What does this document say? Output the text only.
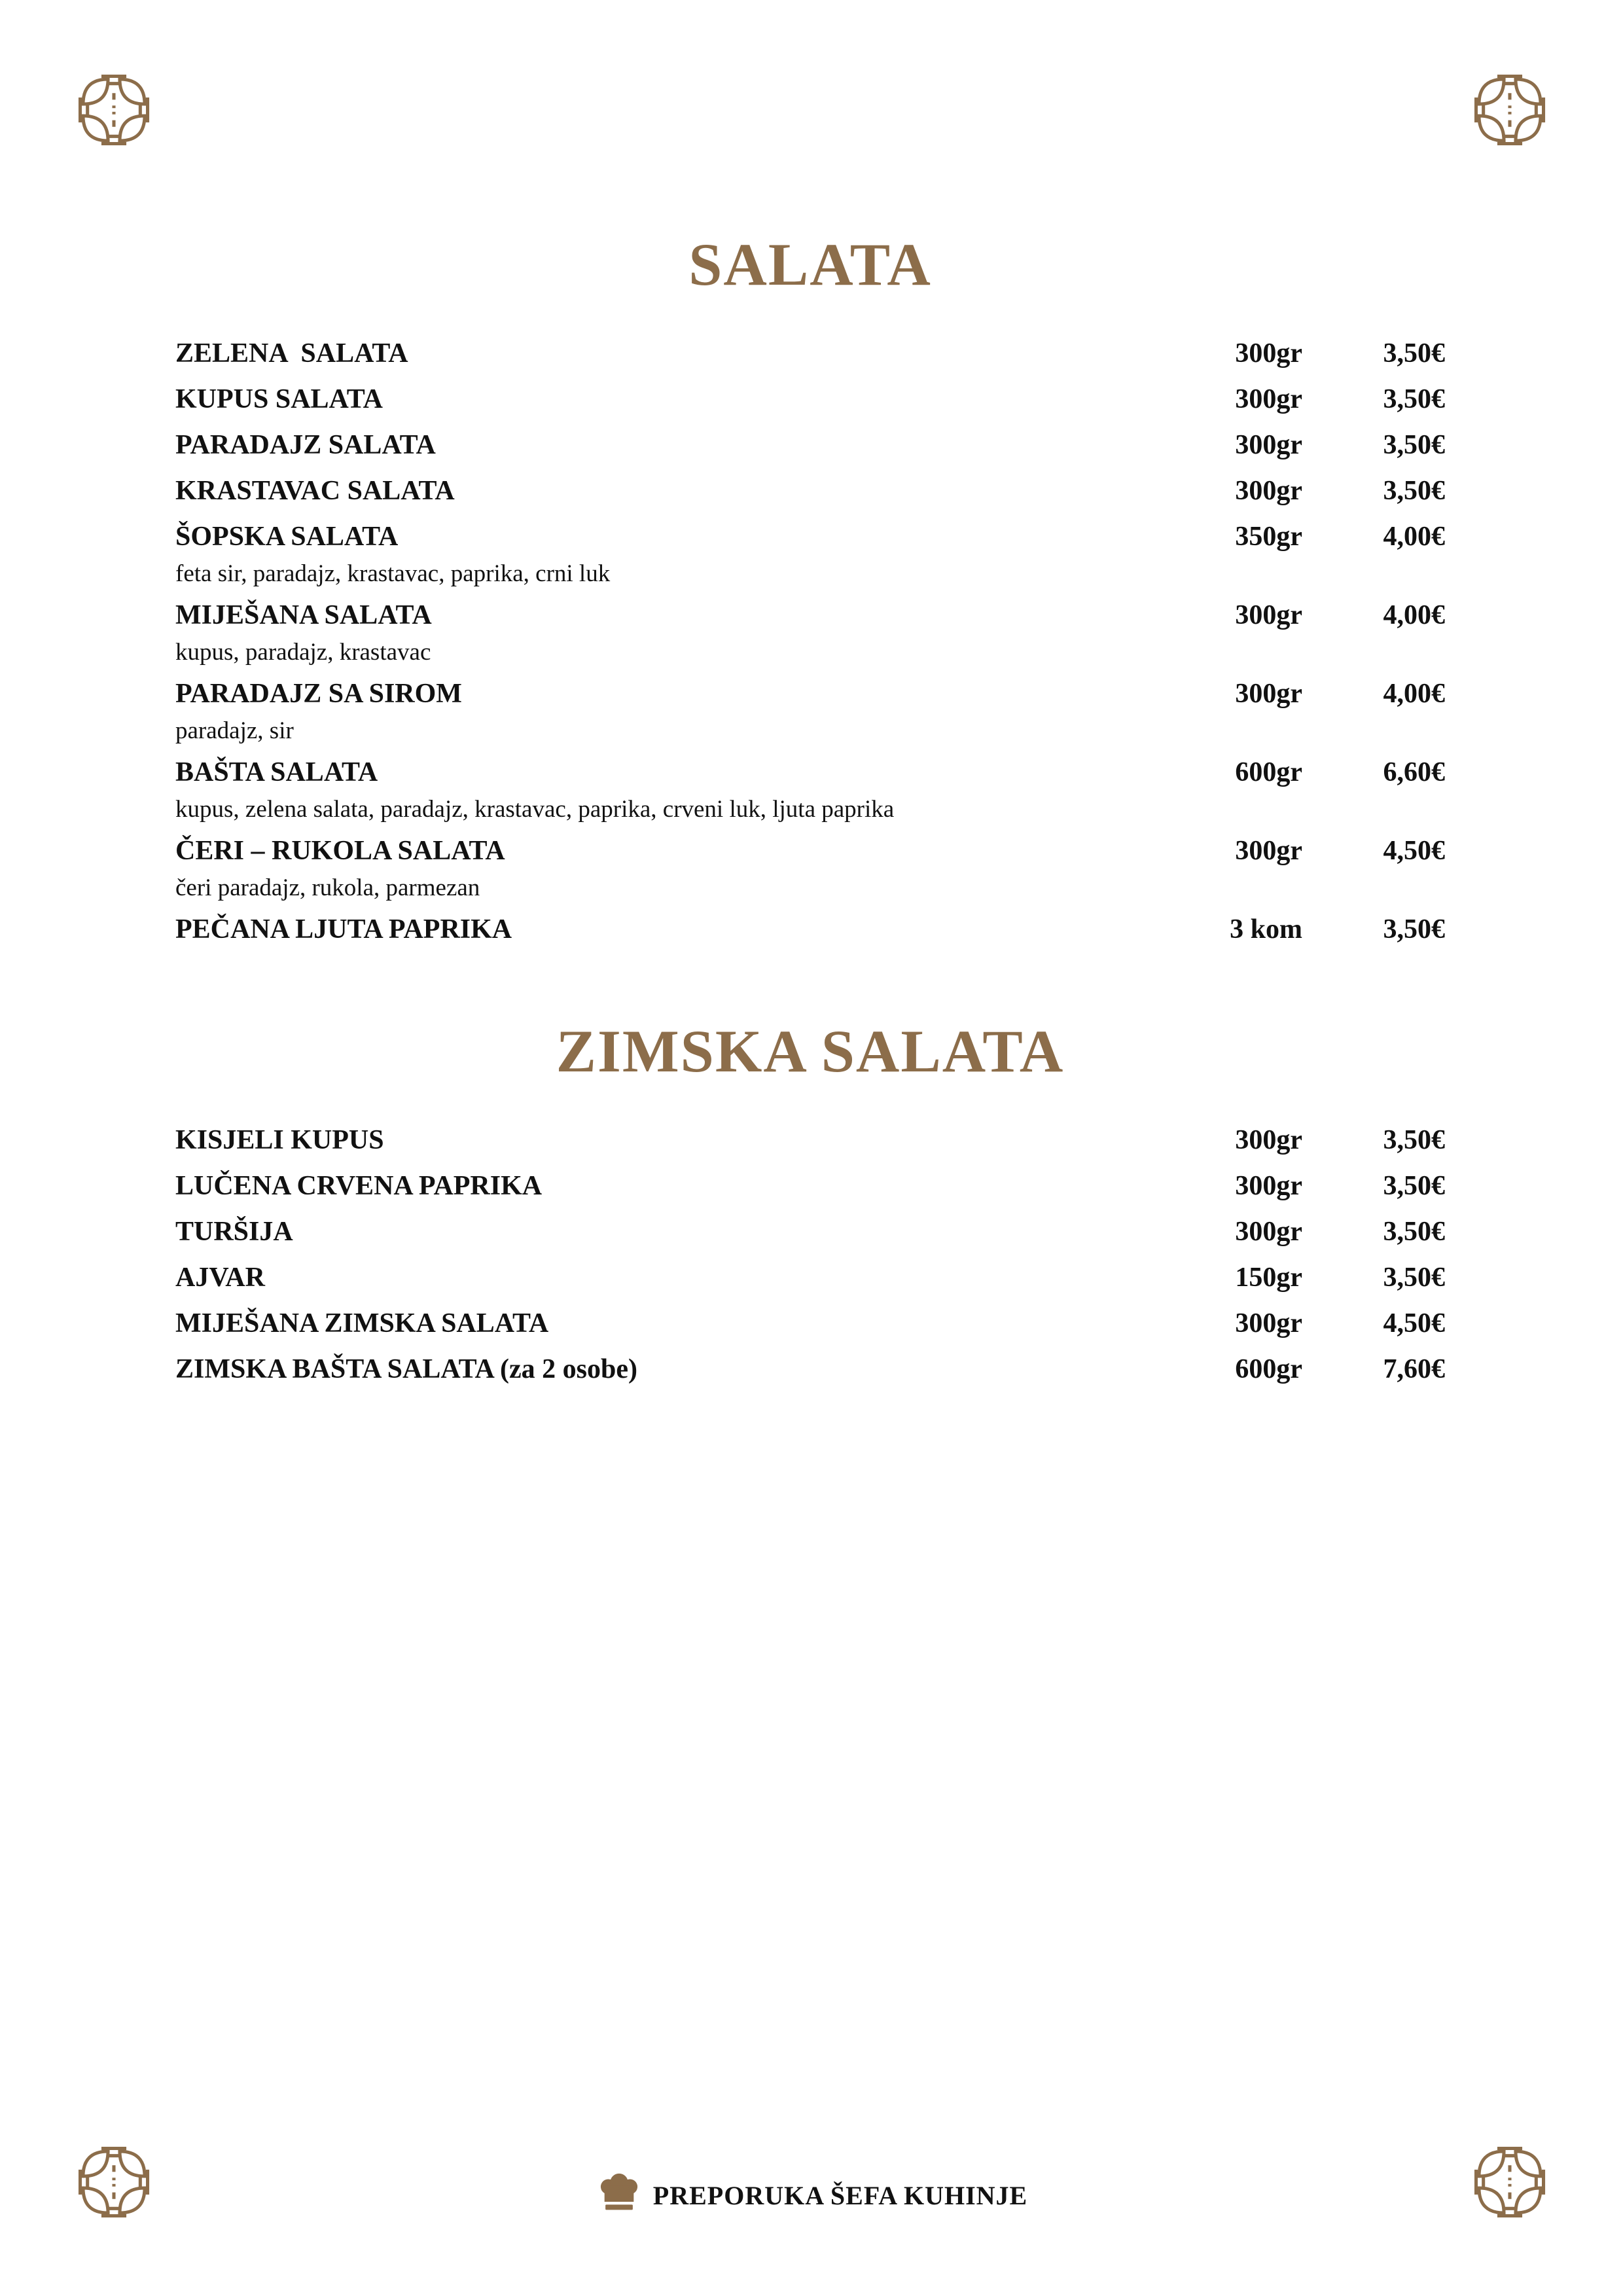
SALATA
ZELENA  SALATA	300gr	3,50€
KUPUS SALATA	300gr	3,50€
PARADAJZ SALATA	300gr	3,50€
KRASTAVAC SALATA	300gr	3,50€
ŠOPSKA SALATA	350gr	4,00€
feta sir, paradajz, krastavac, paprika, crni luk
MIJEŠANA SALATA	300gr	4,00€
kupus, paradajz, krastavac
PARADAJZ SA SIROM	300gr	4,00€
paradajz, sir
BAŠTA SALATA	600gr	6,60€
kupus, zelena salata, paradajz, krastavac, paprika, crveni luk, ljuta paprika
ČERI – RUKOLA SALATA	300gr	4,50€
čeri paradajz, rukola, parmezan
PEČANA LJUTA PAPRIKA	3 kom	3,50€
ZIMSKA SALATA
KISJELI KUPUS	300gr	3,50€
LUČENA CRVENA PAPRIKA	300gr	3,50€
TURŠIJA	300gr	3,50€
AJVAR	150gr	3,50€
MIJEŠANA ZIMSKA SALATA	300gr	4,50€
ZIMSKA BAŠTA SALATA (za 2 osobe)	600gr	7,60€
PREPORUKA ŠEFA KUHINJE
